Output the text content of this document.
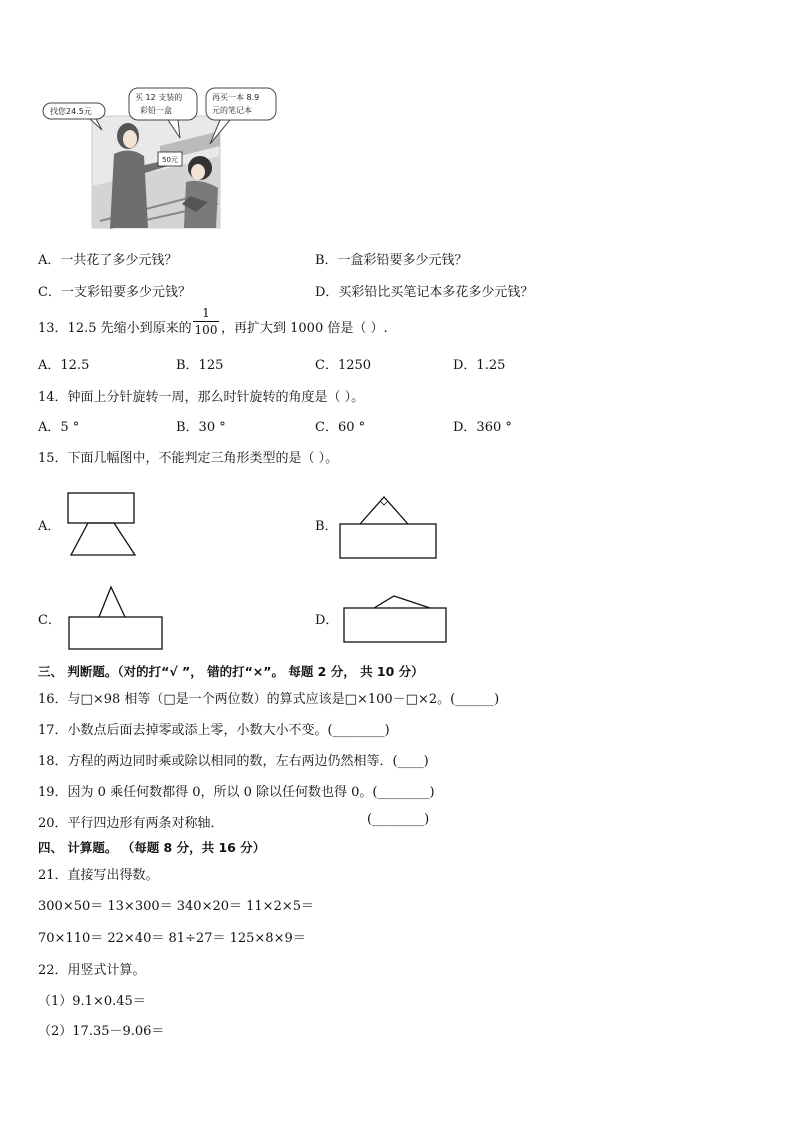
找您24.5元
买 12 支装的
彩铅一盒
再买一本 8.9
元的笔记本
50元
A．一共花了多少元钱？	B．一盒彩铅要多少元钱？
C．一支彩铅要多少元钱？	D．买彩铅比买笔记本多花多少元钱？
13．12.5 先缩小到原来的
1
100 ，再扩大到 1000 倍是（ ）.
A．12.5	B．125	C．1250	D．1.25
14．钟面上分针旋转一周，那么时针旋转的角度是（ ）。
A．5 °	B．30 °	C．60 °	D．360 °
15．下面几幅图中，不能判定三角形类型的是（ ）。
A．	B．
C．	D．
三、 判断题。（对的打“√ ”， 错的打“×”。 每题 2 分， 共 10 分）
16．与□×98 相等（□是一个两位数）的算式应该是□×100－□×2。(______)
17．小数点后面去掉零或添上零，小数大小不变。(________)
18．方程的两边同时乘或除以相同的数，左右两边仍然相等．(____)
19．因为 0 乘任何数都得 0，所以 0 除以任何数也得 0。(________)
20．平行四边形有两条对称轴．	(________)
四、 计算题。 （每题 8 分，共 16 分）
21．直接写出得数。
300×50＝ 13×300＝ 340×20＝ 11×2×5＝
70×110＝ 22×40＝ 81÷27＝ 125×8×9＝
22．用竖式计算。
（1）9.1×0.45＝
（2）17.35－9.06＝
